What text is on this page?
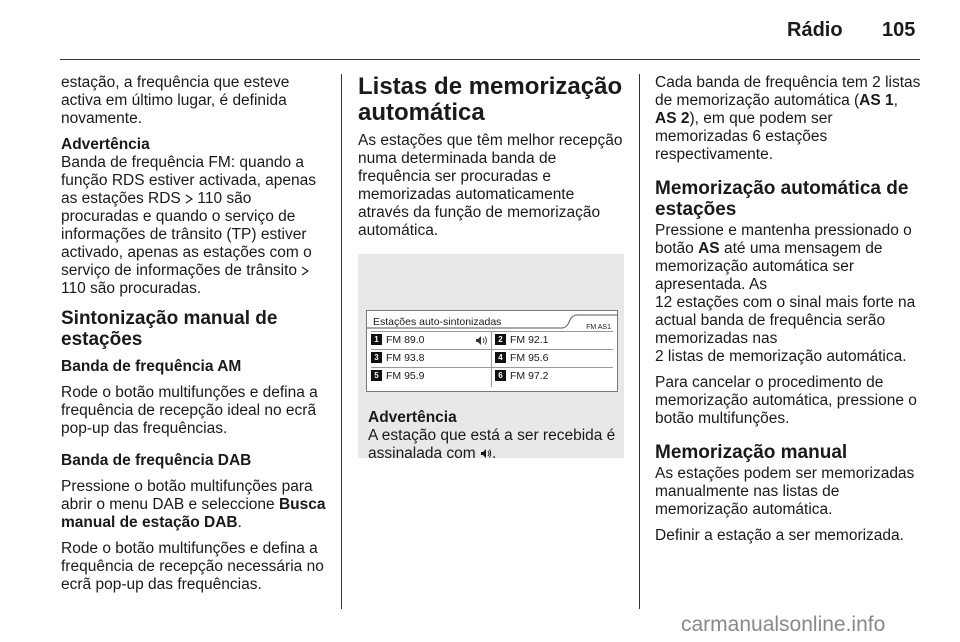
Rádio 105

estação, a frequência que esteve activa em último lugar, é definida novamente.

Advertência
Banda de frequência FM: quando a função RDS estiver activada, apenas as estações RDS 110 são procuradas e quando o serviço de informações de trânsito (TP) estiver activado, apenas as estações com o serviço de informações de trânsito  110 são procuradas.
Sintonização manual de estações

Banda de frequência AM

Rode o botão multifunções e defina a frequência de recepção ideal no ecrã pop-up das frequências.

Banda de frequência DAB

Pressione o botão multifunções para abrir o menu DAB e seleccione Busca manual de estação DAB.

Rode o botão multifunções e defina a frequência de recepção necessária no ecrã pop-up das frequências.

Listas de memorização automática

As estações que têm melhor recepção numa determinada banda de frequência ser procuradas e memorizadas automaticamente através da função de memorização automática.

Estações auto-sintonizadas	FM AS1
1 FM 89.0	2 FM 92.1
3 FM 93.8	4 FM 95.6
5 FM 95.9	6 FM 97.2
Advertência
A estação que está a ser recebida é assinalada com .

Cada banda de frequência tem 2 listas de memorização automática (AS 1, AS 2), em que podem ser memorizadas 6 estações respectivamente.

Memorização automática de estações

Pressione e mantenha pressionado o botão AS até uma mensagem de memorização automática ser apresentada. As

12 estações com o sinal mais forte na actual banda de frequência serão memorizadas nas

2 listas de memorização automática.

Para cancelar o procedimento de memorização automática, pressione o botão multifunções.

Memorização manual

As estações podem ser memorizadas manualmente nas listas de memorização automática.

Definir a estação a ser memorizada.

carmanualsonline.info
